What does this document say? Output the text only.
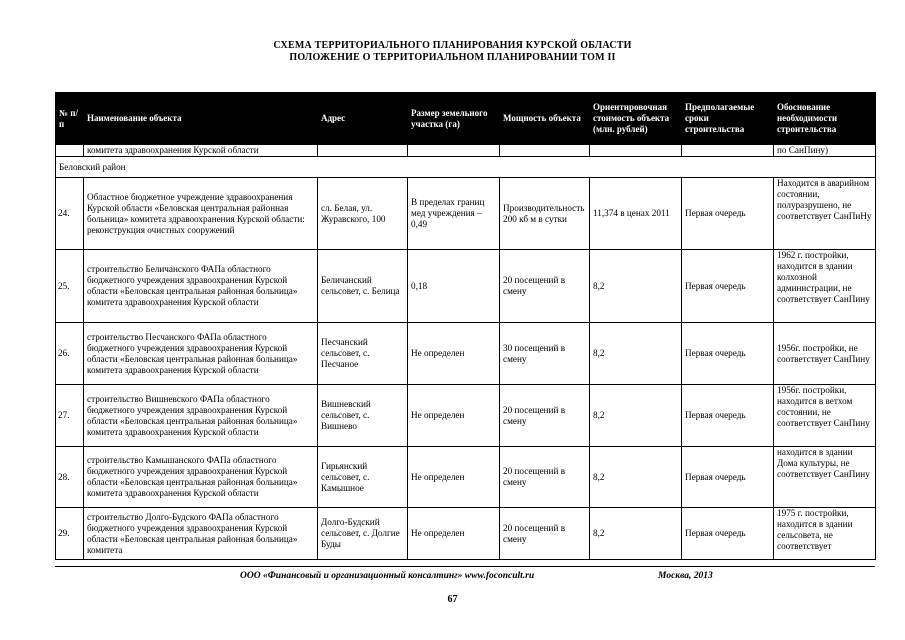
СХЕМА ТЕРРИТОРИАЛЬНОГО ПЛАНИРОВАНИЯ КУРСКОЙ ОБЛАСТИ
ПОЛОЖЕНИЕ О ТЕРРИТОРИАЛЬНОМ ПЛАНИРОВАНИИ ТОМ II
№ п/п	Наименование объекта	Адрес	Размер земельного участка (га)	Мощность объекта	Ориентировочная стоимость объекта (млн. рублей)	Предполагаемые сроки строительства	Обоснование необходимости строительства
	комитета здравоохранения Курской области						по СанПину)
Беловский район							
24.	Областное бюджетное учреждение здравоохранения Курской области «Беловская центральная районная больница» комитета здравоохранения Курской области: реконструкция очистных сооружений	сл. Белая, ул. Журавского, 100	В пределах границ мед учреждения – 0,49	Производительность 200 кб м в сутки	11,374 в ценах 2011	Первая очередь	Находится в аварийном состоянии, полуразрушено, не соответствует СанПиНу
25.	строительство Беличанского ФАПа областного бюджетного учреждения здравоохранения Курской области «Беловская центральная районная больница» комитета здравоохранения Курской области	Беличанский сельсовет, с. Белица	0,18	20 посещений в смену	8,2	Первая очередь	1962 г. постройки, находится в здании колхозной администрации, не соответствует СанПину
26.	строительство Песчанского ФАПа областного бюджетного учреждения здравоохранения Курской области «Беловская центральная районная больница» комитета здравоохранения Курской области	Песчанский сельсовет, с. Песчаное	Не определен	30 посещений в смену	8,2	Первая очередь	1956г. постройки, не соответствует СанПину
27.	строительство Вишневского ФАПа областного бюджетного учреждения здравоохранения Курской области «Беловская центральная районная больница» комитета здравоохранения Курской области	Вишневский сельсовет, с. Вишнево	Не определен	20 посещений в смену	8,2	Первая очередь	1956г. постройки, находится в ветхом состоянии, не соответствует СанПину
28.	строительство Камышанского ФАПа областного бюджетного учреждения здравоохранения Курской области «Беловская центральная районная больница» комитета здравоохранения Курской области	Гирьянский сельсовет, с. Камышное	Не определен	20 посещений в смену	8,2	Первая очередь	находится в здании Дома культуры, не соответствует СанПину
29.	строительство Долго-Будского ФАПа областного бюджетного учреждения здравоохранения Курской области «Беловская центральная районная больница» комитета	Долго-Будский сельсовет, с. Долгие Буды	Не определен	20 посещений в смену	8,2	Первая очередь	1975 г. постройки, находится в здании сельсовета, не соответствует
ООО «Финансовый и организационный консалтинг» www.foconcult.ru	Москва, 2013
67
